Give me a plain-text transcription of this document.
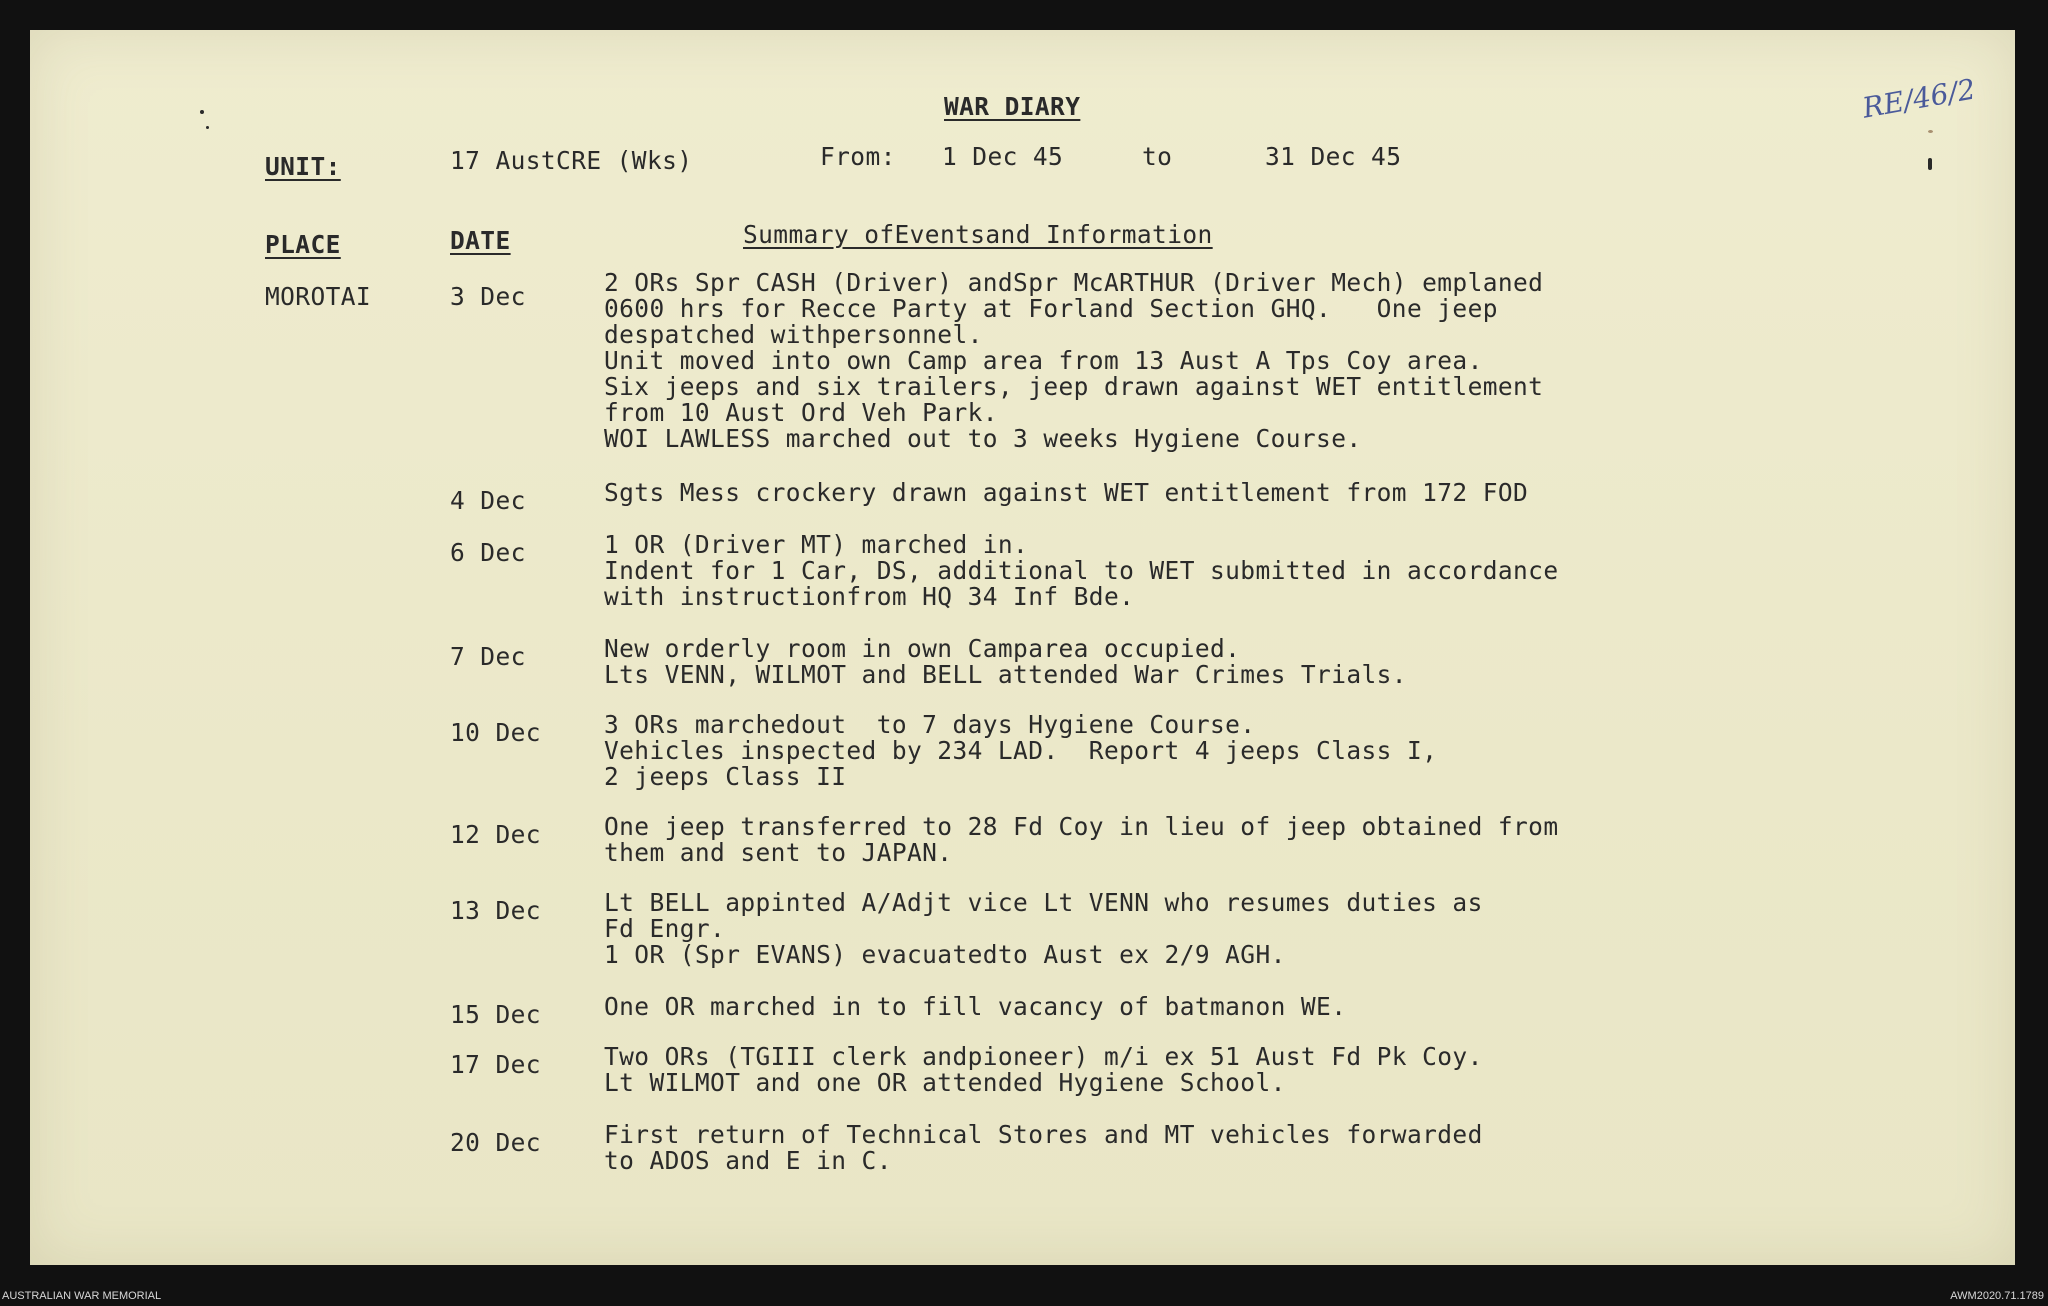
RE/46/2
WAR DIARY
UNIT:	17 AustCRE (Wks)	From: 1 Dec 45	to	31 Dec 45
PLACE	DATE	Summary ofEventsand Information
MOROTAI	3 Dec	2 ORs Spr CASH (Driver) andSpr McARTHUR (Driver Mech) emplaned
0600 hrs for Recce Party at Forland Section GHQ.   One jeep
despatched withpersonnel.
Unit moved into own Camp area from 13 Aust A Tps Coy area.
Six jeeps and six trailers, jeep drawn against WET entitlement
from 10 Aust Ord Veh Park.
WOI LAWLESS marched out to 3 weeks Hygiene Course.
4 Dec	Sgts Mess crockery drawn against WET entitlement from 172 FOD
6 Dec	1 OR (Driver MT) marched in.
Indent for 1 Car, DS, additional to WET submitted in accordance
with instructionfrom HQ 34 Inf Bde.
7 Dec	New orderly room in own Camparea occupied.
Lts VENN, WILMOT and BELL attended War Crimes Trials.
10 Dec	3 ORs marchedout  to 7 days Hygiene Course.
Vehicles inspected by 234 LAD.  Report 4 jeeps Class I,
2 jeeps Class II
12 Dec	One jeep transferred to 28 Fd Coy in lieu of jeep obtained from
them and sent to JAPAN.
13 Dec	Lt BELL appinted A/Adjt vice Lt VENN who resumes duties as
Fd Engr.
1 OR (Spr EVANS) evacuatedto Aust ex 2/9 AGH.
15 Dec	One OR marched in to fill vacancy of batmanon WE.
17 Dec	Two ORs (TGIII clerk andpioneer) m/i ex 51 Aust Fd Pk Coy.
Lt WILMOT and one OR attended Hygiene School.
20 Dec	First return of Technical Stores and MT vehicles forwarded
to ADOS and E in C.
AUSTRALIAN WAR MEMORIAL	AWM2020.71.1789
